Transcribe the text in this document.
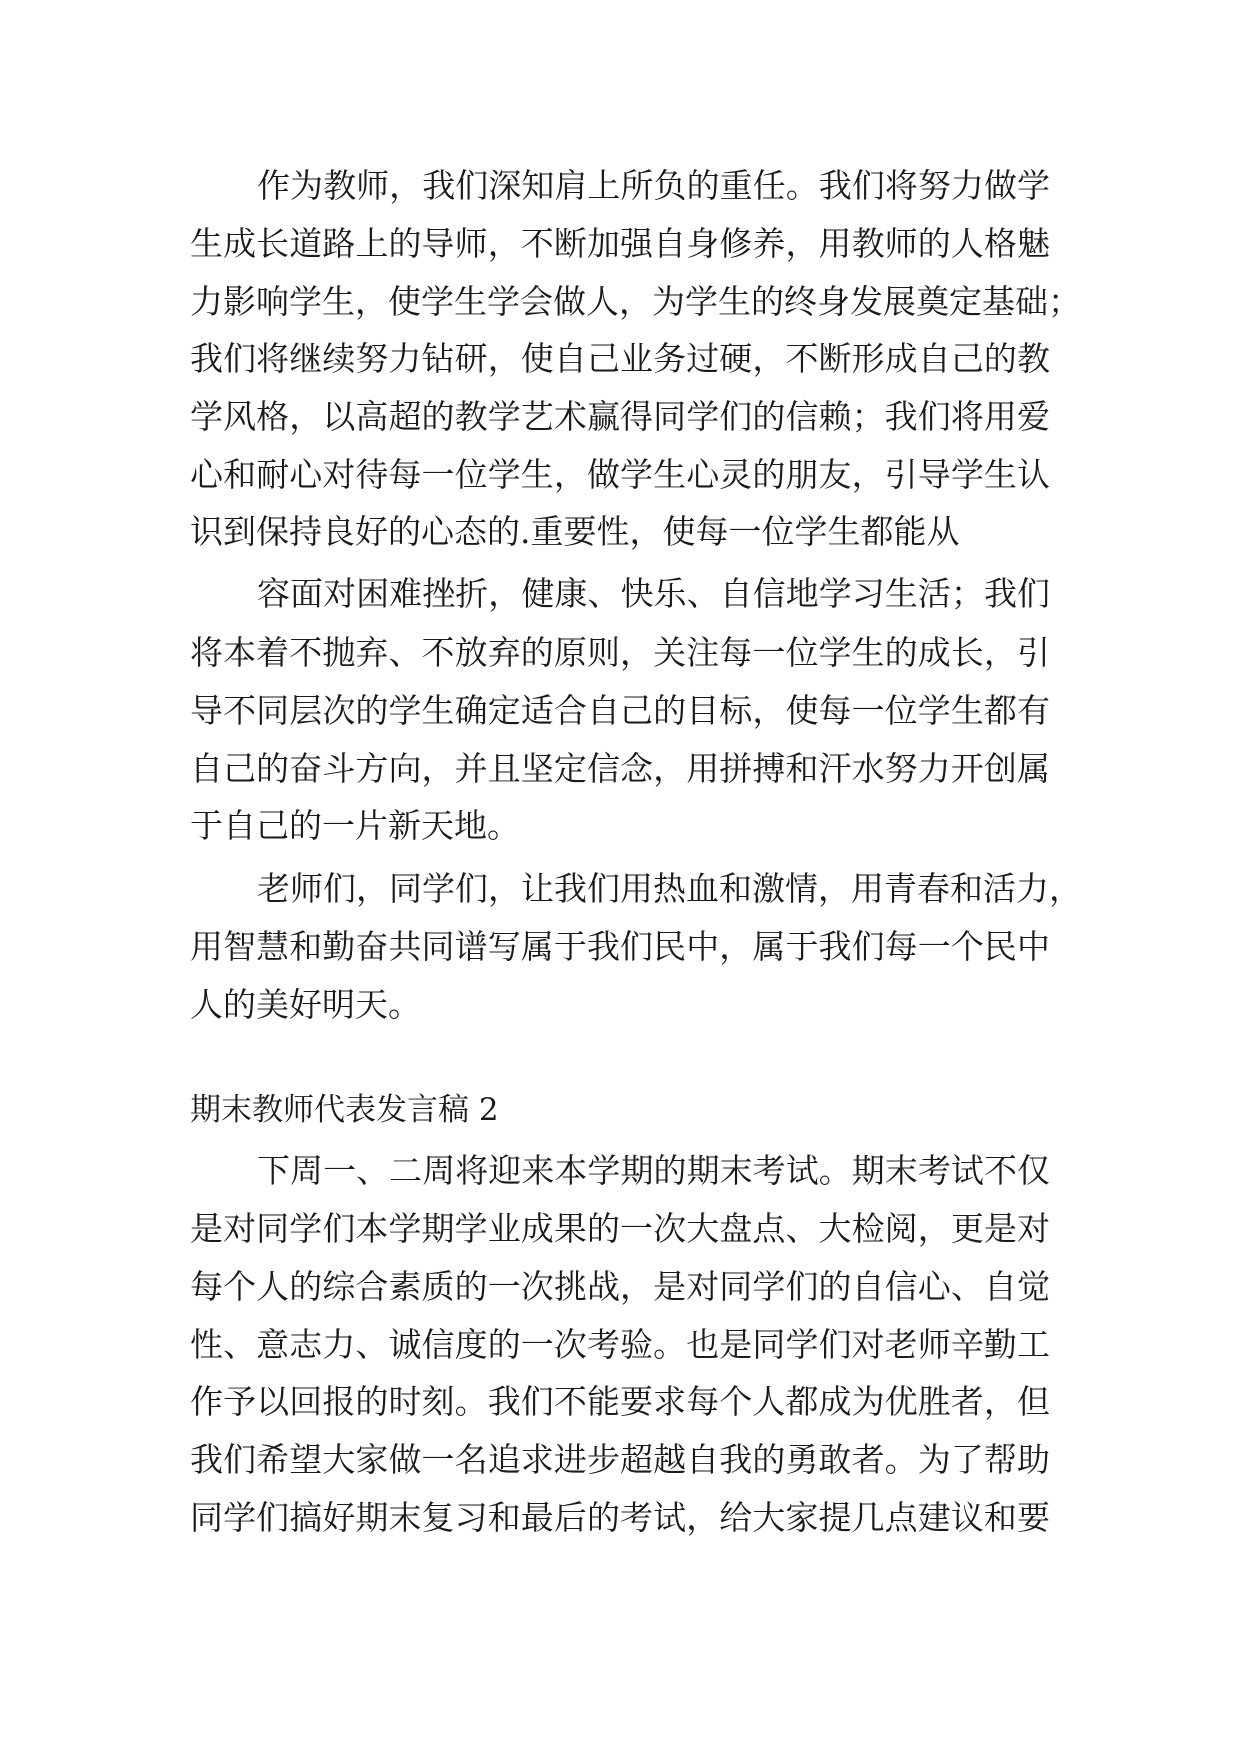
作为教师，我们深知肩上所负的重任。我们将努力做学
生成长道路上的导师，不断加强自身修养，用教师的人格魅
力影响学生，使学生学会做人，为学生的终身发展奠定基础；
我们将继续努力钻研，使自己业务过硬，不断形成自己的教
学风格，以高超的教学艺术赢得同学们的信赖；我们将用爱
心和耐心对待每一位学生，做学生心灵的朋友，引导学生认
识到保持良好的心态的.重要性，使每一位学生都能从
容面对困难挫折，健康、快乐、自信地学习生活；我们
将本着不抛弃、不放弃的原则，关注每一位学生的成长，引
导不同层次的学生确定适合自己的目标，使每一位学生都有
自己的奋斗方向，并且坚定信念，用拼搏和汗水努力开创属
于自己的一片新天地。
老师们，同学们，让我们用热血和激情，用青春和活力，
用智慧和勤奋共同谱写属于我们民中，属于我们每一个民中
人的美好明天。
期末教师代表发言稿 2
下周一、二周将迎来本学期的期末考试。期末考试不仅
是对同学们本学期学业成果的一次大盘点、大检阅，更是对
每个人的综合素质的一次挑战，是对同学们的自信心、自觉
性、意志力、诚信度的一次考验。也是同学们对老师辛勤工
作予以回报的时刻。我们不能要求每个人都成为优胜者，但
我们希望大家做一名追求进步超越自我的勇敢者。为了帮助
同学们搞好期末复习和最后的考试，给大家提几点建议和要
